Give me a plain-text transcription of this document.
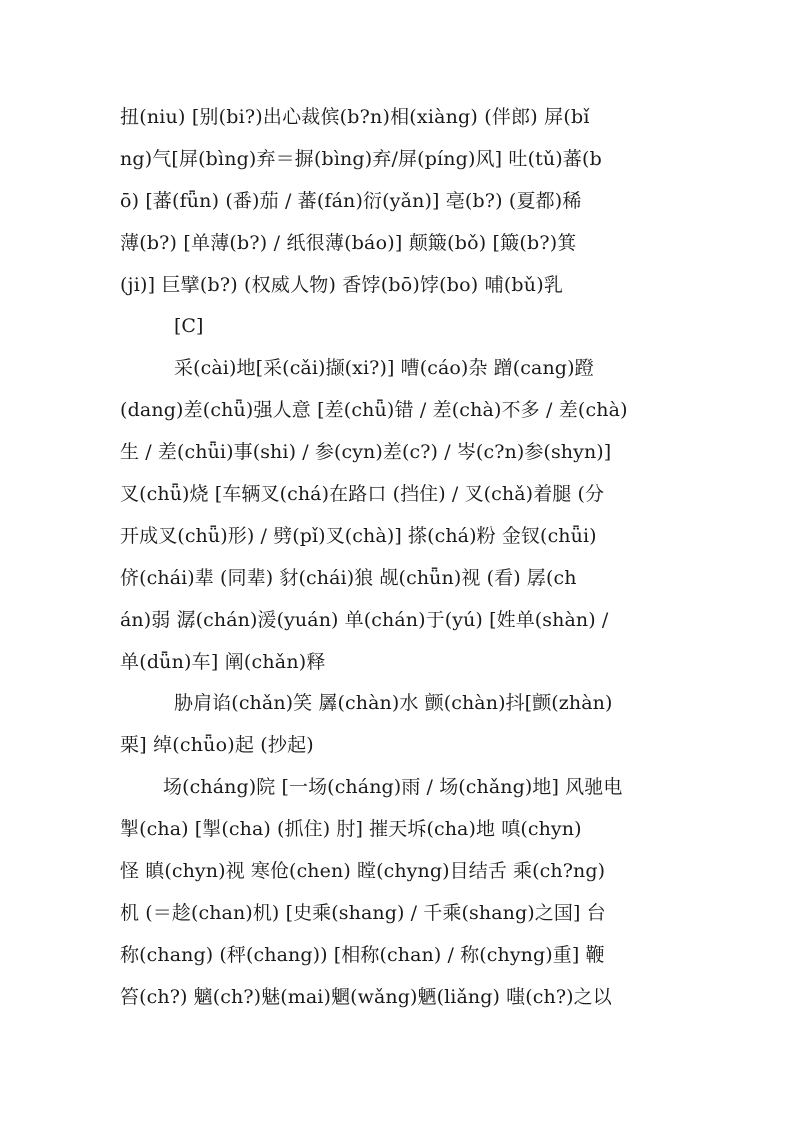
扭(niu) [别(bi?)出心裁傧(b?n)相(xiàng) (伴郎) 屏(bǐ
ng)气[屏(bìng)弃＝摒(bìng)弃/屏(píng)风] 吐(tǔ)蕃(b
ō) [蕃(fǖn) (番)茄 / 蕃(fán)衍(yǎn)] 亳(b?) (夏都)稀
薄(b?) [单薄(b?) / 纸很薄(báo)] 颠簸(bǒ) [簸(b?)箕
(ji)] 巨擘(b?) (权威人物) 香饽(bō)饽(bo) 哺(bǔ)乳
[C]
采(cài)地[采(cǎi)撷(xi?)] 嘈(cáo)杂 蹭(cang)蹬
(dang)差(chǖ)强人意 [差(chǖ)错 / 差(chà)不多 / 差(chà)
生 / 差(chǖi)事(shi) / 参(cyn)差(c?) / 岑(c?n)参(shyn)]
叉(chǖ)烧 [车辆叉(chá)在路口 (挡住) / 叉(chǎ)着腿 (分
开成叉(chǖ)形) / 劈(pǐ)叉(chà)] 搽(chá)粉 金钗(chǖi)
侪(chái)辈 (同辈) 豺(chái)狼 觇(chǖn)视 (看) 孱(ch
án)弱 潺(chán)湲(yuán) 单(chán)于(yú) [姓单(shàn) /
单(dǖn)车] 阐(chǎn)释
胁肩谄(chǎn)笑 羼(chàn)水 颤(chàn)抖[颤(zhàn)
栗] 绰(chǖo)起 (抄起)
场(cháng)院 [一场(cháng)雨 / 场(chǎng)地] 风驰电
掣(cha) [掣(cha) (抓住) 肘] 摧天坼(cha)地 嗔(chyn)
怪 瞋(chyn)视 寒伧(chen) 瞠(chyng)目结舌 乘(ch?ng)
机 (＝趁(chan)机) [史乘(shang) / 千乘(shang)之国] 台
称(chang) (秤(chang)) [相称(chan) / 称(chyng)重] 鞭
笞(ch?) 魑(ch?)魅(mai)魍(wǎng)魉(liǎng) 嗤(ch?)之以
